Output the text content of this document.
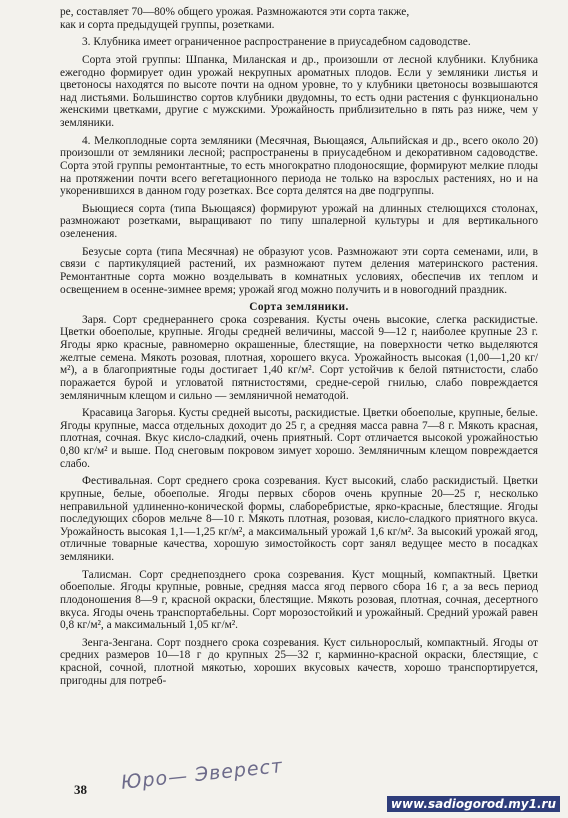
ре, составляет 70—80% общего урожая. Размножаются эти сорта также,

как и сорта предыдущей группы, розетками.

3. Клубника имеет ограниченное распространение в приусадебном садоводстве.

Сорта этой группы: Шпанка, Миланская и др., произошли от лесной клубники. Клубника ежегодно формирует один урожай некрупных ароматных плодов. Если у земляники листья и цветоносы находятся по высоте почти на одном уровне, то у клубники цветоносы возвышаются над листьями. Большинство сортов клубники двудомны, то есть одни растения с функционально женскими цветками, другие с мужскими. Урожайность приблизительно в пять раз ниже, чем у земляники.

4. Мелкоплодные сорта земляники (Месячная, Вьющаяся, Альпийская и др., всего около 20) произошли от земляники лесной; распространены в приусадебном и декоративном садоводстве. Сорта этой группы ремонтантные, то есть многократно плодоносящие, формируют мелкие плоды на протяжении почти всего вегетационного периода не только на взрослых растениях, но и на укоренившихся в данном году розетках. Все сорта делятся на две подгруппы.

Вьющиеся сорта (типа Вьющаяся) формируют урожай на длинных стелющихся столонах, размножают розетками, выращивают по типу шпалерной культуры и для вертикального озеленения.

Безусые сорта (типа Месячная) не образуют усов. Размножают эти сорта семенами, или, в связи с партикуляцией растений, их размножают путем деления материнского растения. Ремонтантные сорта можно возделывать в комнатных условиях, обеспечив их теплом и освещением в осенне-зимнее время; урожай ягод можно получить и в новогодний праздник.

Сорта земляники.

Заря. Сорт среднераннего срока созревания. Кусты очень высокие, слегка раскидистые. Цветки обоеполые, крупные. Ягоды средней величины, массой 9—12 г, наиболее крупные 23 г. Ягоды ярко красные, равномерно окрашенные, блестящие, на поверхности четко выделяются желтые семена. Мякоть розовая, плотная, хорошего вкуса. Урожайность высокая (1,00—1,20 кг/м²), а в благоприятные годы достигает 1,40 кг/м². Сорт устойчив к белой пятнистости, слабо поражается бурой и угловатой пятнистостями, средне-серой гнилью, слабо повреждается земляничным клещом и сильно — земляничной нематодой.

Красавица Загорья. Кусты средней высоты, раскидистые. Цветки обоеполые, крупные, белые. Ягоды крупные, масса отдельных доходит до 25 г, а средняя масса равна 7—8 г. Мякоть красная, плотная, сочная. Вкус кисло-сладкий, очень приятный. Сорт отличается высокой урожайностью 0,80 кг/м² и выше. Под снеговым покровом зимует хорошо. Земляничным клещом повреждается слабо.

Фестивальная. Сорт среднего срока созревания. Куст высокий, слабо раскидистый. Цветки крупные, белые, обоеполые. Ягоды первых сборов очень крупные 20—25 г, несколько неправильной удлиненно-конической формы, слаборебристые, ярко-красные, блестящие. Ягоды последующих сборов мельче 8—10 г. Мякоть плотная, розовая, кисло-сладкого приятного вкуса. Урожайность высокая 1,1—1,25 кг/м², а максимальный урожай 1,6 кг/м². За высокий урожай ягод, отличные товарные качества, хорошую зимостойкость сорт занял ведущее место в посадках земляники.

Талисман. Сорт среднепозднего срока созревания. Куст мощный, компактный. Цветки обоеполые. Ягоды крупные, ровные, средняя масса ягод первого сбора 16 г, а за весь период плодоношения 8—9 г, красной окраски, блестящие. Мякоть розовая, плотная, сочная, десертного вкуса. Ягоды очень транспортабельны. Сорт морозостойкий и урожайный. Средний урожай равен 0,8 кг/м², а максимальный 1,05 кг/м².

Зенга-Зенгана. Сорт позднего срока созревания. Куст сильнорослый, компактный. Ягоды от средних размеров 10—18 г до крупных 25—32 г, карминно-красной окраски, блестящие, с красной, сочной, плотной мякотью, хороших вкусовых качеств, хорошо транспортируется, пригодны для потреб-

38 Юро— Эверест
www.sadiogorod.my1.ru
